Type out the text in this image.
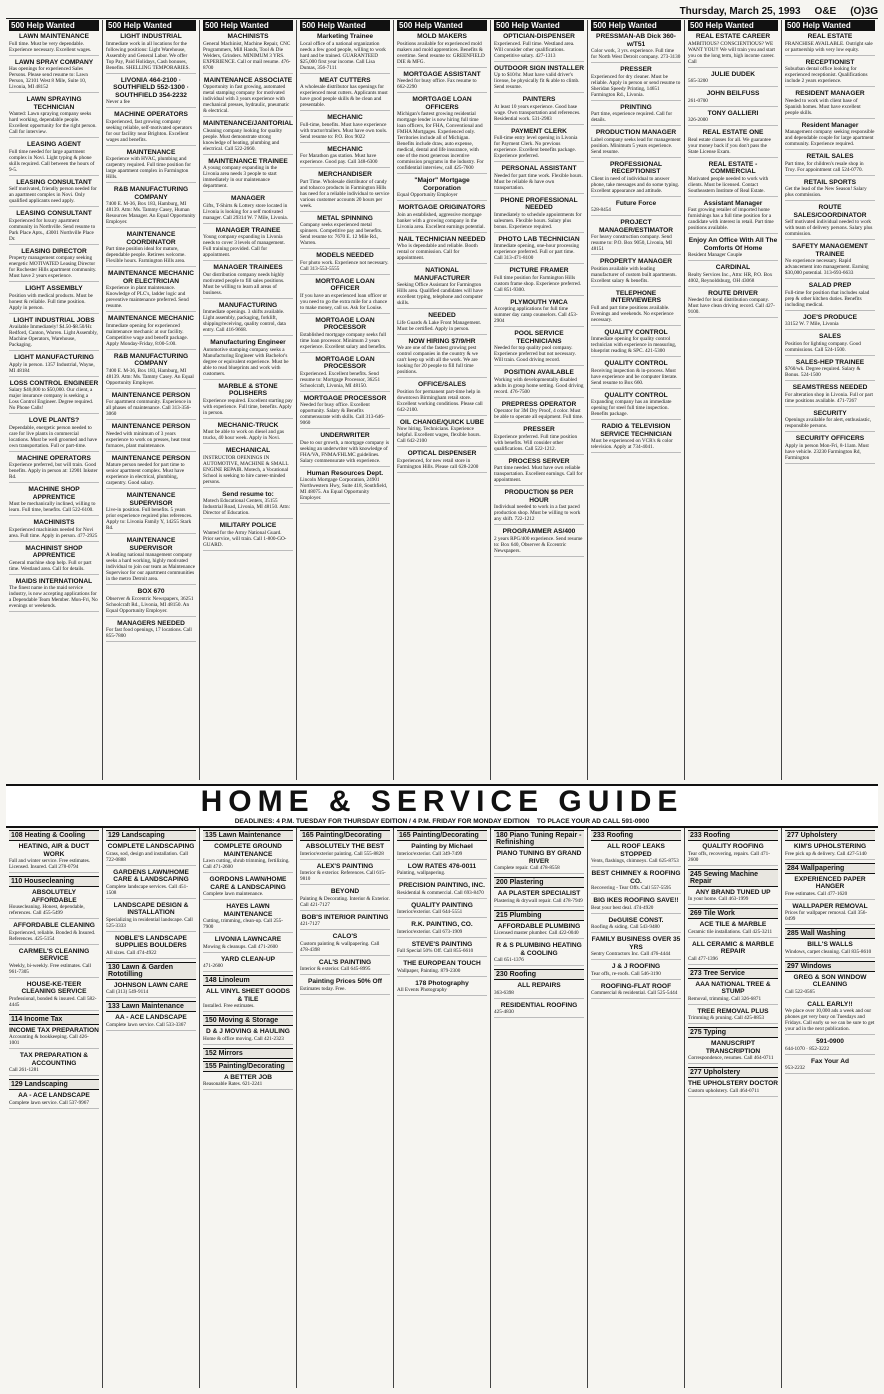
Thursday, March 25, 1993 O&E (O)3G
500 Help Wanted
LAWN MAINTENANCE
Full time. Must be very dependable. Experience necessary. Excellent wages.
LAWN SPRAY COMPANY
Has openings for experienced Sales Persons. Please send resume to: Lawn Person, 32101 West 8 Mile, Suite 10, Livonia, MI 48152
LAWN SPRAYING TECHNICIAN
Wanted: Lawn spraying company seeks hard working, dependable people. Excellent opportunity for the right person. Call for interview.
LEASING AGENT
Full time needed for large apartment complex in Novi. Light typing & phone skills required. Call between the hours of 9-5.
LEASING CONSULTANT
Self motivated, friendly person needed for an apartment complex in Novi. Only qualified applicants need apply.
LEASING CONSULTANT
Experienced for luxury apartment community in Northville. Send resume to Park Place Apts., 43001 Northville Place Dr.
LEASING DIRECTOR
Property management company seeking energetic MOTIVATED Leasing Director for Rochester Hills apartment community. Must have 2 years experience.
LIGHT ASSEMBLY
Position with medical products. Must be honest & reliable. Full time position. Apply in person.
LIGHT INDUSTRIAL JOBS
Available Immediately! $4.50-$8.50/Hr. Redford, Canton, Warren. Light Assembly, Machine Operators, Warehouse, Packaging.
LIGHT MANUFACTURING
Apply in person. 1357 Industrial, Wayne, MI 48184
LOSS CONTROL ENGINEER
Salary $40,000 to $50,000. Our client, a major insurance company is seeking a Loss Control Engineer. Degree required. No Phone Calls!
LOVE PLANTS?
Dependable, energetic person needed to care for live plants in commercial locations. Must be well groomed and have own transportation. Full or part-time.
MACHINE OPERATORS
Experience preferred, but will train. Good benefits. Apply in person at: 12901 Inkster Rd.
MACHINE SHOP APPRENTICE
Must be mechanically inclined, willing to learn. Full time, benefits. Call 522-6100.
MACHINISTS
Experienced machinists needed for Novi area. Full time. Apply in person. 477-2925
MACHINIST SHOP APPRENTICE
General machine shop help. Full or part time. Westland area. Call for details.
MAIDS INTERNATIONAL
The finest name in the maid service industry, is now accepting applications for a Dependable Team Member. Mon-Fri, No evenings or weekends.
500 Help Wanted
LIGHT INDUSTRIAL
Immediate work in all locations for the following positions: Light Warehouse, Assembly and General Labor. We offer Top Pay, Paid Holidays, Cash bonuses, Benefits. SHELLING TEMPORARIES.
LIVONIA 464-2100 · SOUTHFIELD 552-1300 · SOUTHFIELD 354-2232
Never a fee
MACHINE OPERATORS
Experienced, fast growing company seeking reliable, self-motivated operators for our facility near Brighton. Excellent wages and benefits.
MAINTENANCE
Experience with HVAC, plumbing and carpentry required. Full time position for large apartment complex in Farmington Hills.
R&B MANUFACTURING COMPANY
7400 E. M-36, Box 183, Hamburg, MI 48139. Attn: Ms. Tammy Casey, Human Resources Manager. An Equal Opportunity Employer.
MAINTENANCE COORDINATOR
Part time position ideal for mature, dependable people. Retirees welcome. Flexible hours. Farmington Hills area.
MAINTENANCE MECHANIC OR ELECTRICIAN
Experience in plant maintenance. Knowledge of PLC's, ladder logic and preventive maintenance preferred. Send resume.
MAINTENANCE MECHANIC
Immediate opening for experienced maintenance mechanic at our facility. Competitive wage and benefit package. Apply Monday-Friday, 8:00-5:00.
R&B MANUFACTURING COMPANY
7400 E. M-36, Box 183, Hamburg, MI 48139. Attn: Ms. Tammy Casey. An Equal Opportunity Employer.
MAINTENANCE PERSON
For apartment community. Experience in all phases of maintenance. Call 313-356-3060
MAINTENANCE PERSON
Needed with minimum of 3 years experience to work on presses, heat treat furnaces, plant maintenance.
MAINTENANCE PERSON
Mature person needed for part time to senior apartment complex. Must have experience in electrical, plumbing, carpentry. Good salary.
MAINTENANCE SUPERVISOR
Live-in position. Full benefits. 5 years prior experience required plus references. Apply to: Livonia Family Y, 14255 Stark Rd.
MAINTENANCE SUPERVISOR
A leading national management company seeks a hard working, highly motivated individual to join our team as Maintenance Supervisor for our apartment communities in the metro Detroit area.
BOX 670
Observer & Eccentric Newspapers, 36251 Schoolcraft Rd., Livonia, MI 48150. An Equal Opportunity Employer.
MANAGERS NEEDED
For fast food openings, 17 locations. Call 855-7800
500 Help Wanted
MACHINISTS
General Machinist, Machine Repair, CNC Programmers, Mill Hands, Tool & Die Welders, Grinders. MINIMUM 3 YRS. EXPERIENCE. Call or mail resume. 476-8700
MAINTENANCE ASSOCIATE
Opportunity in fast growing, automated metal stamping company for motivated individual with 3 years experience with mechanical presses, hydraulic, pneumatic & electrical.
MAINTENANCE/JANITORIAL
Cleaning company looking for quality people. Must demonstrate strong knowledge of heating, plumbing and electrical. Call 522-2660.
MAINTENANCE TRAINEE
A young company expanding in the Livonia area needs 3 people to start immediately in our maintenance department.
MANAGER
Gifts, T-Shirts & Lottery store located in Livonia is looking for a self motivated manager. Call 29314 W. 7 Mile, Livonia.
MANAGER TRAINEE
Young company expanding in Livonia needs to cover 3 levels of management. Full training provided. Call for appointment.
MANAGER TRAINEES
Our distribution company needs highly motivated people to fill sales positions. Must be willing to learn all areas of business.
MANUFACTURING
Immediate openings. 3 shifts available. Light assembly, packaging, forklift, shipping/receiving, quality control, data entry. Call 416-9668.
Manufacturing Engineer
Automotive stamping company seeks a Manufacturing Engineer with Bachelor's degree or equivalent experience. Must be able to read blueprints and work with customers.
MARBLE & STONE POLISHERS
Experience required. Excellent starting pay with experience. Full time, benefits. Apply in person.
MECHANIC-TRUCK
Must be able to work on diesel and gas trucks, 40 hour week. Apply in Novi.
MECHANICAL
INSTRUCTOR OPENINGS IN AUTOMOTIVE, MACHINE & SMALL ENGINE REPAIR. Motech, a Vocational School is seeking to hire career-minded persons.
Send resume to:
Motech Educational Centers, 35155 Industrial Road, Livonia, MI 48150. Attn: Director of Education.
MILITARY POLICE
Wanted for the Army National Guard. Prior service, will train. Call 1-800-GO-GUARD.
500 Help Wanted
Marketing Trainee
Local office of a national organization needs a few good people, willing to work hard and be trained. GUARANTEED $25,000 first year income. Call Lisa Dumas, 356-7111
MEAT CUTTERS
A wholesale distributor has openings for experienced meat cutters. Applicants must have good people skills & be clean and presentable.
MECHANIC
Full-time, benefits. Must have experience with tractor/trailers. Must have own tools. Send resume to: P.O. Box 9022
MECHANIC
For Marathon gas station. Must have experience. Good pay. Call 348-6300
MERCHANDISER
Part Time. Wholesale distributor of candy and tobacco products in Farmington Hills has need for a reliable individual to service various customer accounts 20 hours per week.
METAL SPINNING
Company seeks experienced metal spinners. Competitive pay and benefits. Send resume to: 7670 E. 12 Mile Rd., Warren.
MODELS NEEDED
For photo work. Experience not necessary. Call 313-553-5555
MORTGAGE LOAN OFFICER
If you have an experienced loan officer or you need to go the extra mile for a chance to make money, call us. Ask for Louise.
MORTGAGE LOAN PROCESSOR
Established mortgage company seeks full time loan processor. Minimum 2 years experience. Excellent salary and benefits.
MORTGAGE LOAN PROCESSOR
Experienced. Excellent benefits. Send resume to: Mortgage Processor, 36251 Schoolcraft, Livonia, MI 48150.
MORTGAGE PROCESSOR
Needed for busy office. Excellent opportunity. Salary & Benefits commensurate with skills. Call 313-646-9060
UNDERWRITER
Due to our growth, a mortgage company is seeking an underwriter with knowledge of FHA/VA, FNMA/FHLMC guidelines. Salary commensurate with experience.
Human Resources Dept.
Lincoln Mortgage Corporation, 24901 Northwestern Hwy, Suite 418, Southfield, MI 48075. An Equal Opportunity Employer.
500 Help Wanted
MOLD MAKERS
Positions available for experienced mold makers and mold apprentices. Benefits & overtime. Send resume to: GREENFIELD DIE & MFG.
MORTGAGE ASSISTANT
Needed for busy office. Fax resume to 662-2290
MORTGAGE LOAN OFFICERS
Michigan's fastest growing residential mortgage lender is now hiring full time loan officers, for FHA, Conventional and FMHA Mortgages. Experienced only. Territories include all of Michigan. Benefits include draw, auto expense, medical, dental and life insurance, with one of the most generous incentive commission programs in the industry. For confidential interview, call 425-7600
"Major" Mortgage Corporation
Equal Opportunity Employer
MORTGAGE ORIGINATORS
Join an established, aggressive mortgage banker with a growing company in the Livonia area. Excellent earnings potential.
NAIL TECHNICIAN NEEDED
Who is dependable and reliable. Booth rental or commission. Call for appointment.
NATIONAL MANUFACTURER
Seeking Office Assistant for Farmington Hills area. Qualified candidates will have excellent typing, telephone and computer skills.
NEEDED
Life Guards & Lake Front Management. Must be certified. Apply in person.
NOW HIRING $7/9/HR
We are one of the fastest growing pest control companies in the country & we can't keep up with all the work. We are looking for 20 people to fill full time positions.
OFFICE/SALES
Position for permanent part-time help in downtown Birmingham retail store. Excellent working conditions. Please call 642-2100.
OIL CHANGE/QUICK LUBE
Now hiring. Technicians. Experience helpful. Excellent wages, flexible hours. Call 642-2100
OPTICAL DISPENSER
Experienced, for new retail store in Farmington Hills. Please call 628-2200
500 Help Wanted
OPTICIAN-DISPENSER
Experienced. Full time. Westland area. Will consider other qualifications. Competitive salary. 427-1313
OUTDOOR SIGN INSTALLER
Up to $10/hr. Must have valid driver's license, be physically fit & able to climb. Send resume.
PAINTERS
At least 10 years experience. Good base wage. Own transportation and references. Residential work. 531-2983
PAYMENT CLERK
Full-time entry level opening in Livonia for Payment Clerk. No previous experience. Excellent benefits package. Experience preferred.
PERSONAL ASSISTANT
Needed for part time work. Flexible hours. Must be reliable & have own transportation.
PHONE PROFESSIONAL NEEDED
Immediately to schedule appointments for salesmen. Flexible hours. Salary plus bonus. Experience required.
PHOTO LAB TECHNICIAN
Immediate opening, one-hour processing experience preferred. Full or part time. Call 313-471-8100
PICTURE FRAMER
Full time position for Farmington Hills custom frame shop. Experience preferred. Call 851-9300.
PLYMOUTH YMCA
Accepting applications for full time summer day camp counselors. Call 453-2904
POOL SERVICE TECHNICIANS
Needed for top quality pool company. Experience preferred but not necessary. Will train. Good driving record.
POSITION AVAILABLE
Working with developmentally disabled adults in group home setting. Good driving record. 476-7500
PREPRESS OPERATOR
Operator for 3M Dry Proof, 4 color. Must be able to operate all equipment. Full time.
PRESSER
Experience preferred. Full time position with benefits. Will consider other qualifications. Call 522-1212.
PROCESS SERVER
Part time needed. Must have own reliable transportation. Excellent earnings. Call for appointment.
PRODUCTION $6 PER HOUR
Individual needed to work in a fast paced production shop. Must be willing to work any shift. 722-1212
PROGRAMMER AS/400
2 years RPG/400 experience. Send resume to: Box 640, Observer & Eccentric Newspapers.
500 Help Wanted
PRESSMAN-AB Dick 360-w/T51
Color work, 3 yrs. experience. Full time for North West Detroit company. 273-3130
PRESSER
Experienced for dry cleaner. Must be reliable. Apply in person or send resume to Sheridan Speedy Printing, 14651 Farmington Rd., Livonia.
PRINTING
Part time, experience required. Call for details.
PRODUCTION MANAGER
Label company seeks lead for management position. Minimum 5 years experience. Send resume.
PROFESSIONAL RECEPTIONIST
Client in need of individual to answer phone, take messages and do some typing. Excellent appearance and attitude.
Future Force
528-8454
PROJECT MANAGER/ESTIMATOR
For heavy construction company. Send resume to: P.O. Box 9050, Livonia, MI 48151
PROPERTY MANAGER
Position available with leading manufacturer of custom built apartments. Excellent salary & benefits.
TELEPHONE INTERVIEWERS
Full and part time positions available. Evenings and weekends. No experience necessary.
QUALITY CONTROL
Immediate opening for quality control technician with experience in measuring, blueprint reading & SPC. 421-5300
QUALITY CONTROL
Receiving inspection & in-process. Must have experience and be computer literate. Send resume to Box 660.
QUALITY CONTROL
Expanding company has an immediate opening for steel full time inspection. Benefits package.
RADIO & TELEVISION SERVICE TECHNICIAN
Must be experienced on VCR's & color television. Apply at 734-4041.
500 Help Wanted
REAL ESTATE CAREER
AMBITIOUS? CONSCIENTIOUS? WE WANT YOU!! We will train you and start you on the long term, high income career. Call
JULIE DUDEK
565-3200
JOHN BEILFUSS
261-0700
TONY GALLIERI
326-2000
REAL ESTATE ONE
Real estate classes for all. We guarantee your money back if you don't pass the State License Exam.
REAL ESTATE - COMMERCIAL
Motivated people needed to work with clients. Must be licensed. Contact Southeastern Institute of Real Estate.
Assistant Manager
Fast growing retailer of imported home furnishings has a full time position for a candidate with interest in retail. Part time positions available.
Enjoy An Office With All The Comforts Of Home
Resident Manager Couple
CARDINAL
Realty Services Inc., Attn: HR, P.O. Box 4002, Reynoldsburg, OH 43068
ROUTE DRIVER
Needed for local distribution company. Must have clean driving record. Call 427-9100.
500 Help Wanted
REAL ESTATE
FRANCHISE AVAILABLE. Outright sale or partnership with very low equity.
RECEPTIONIST
Suburban dental office looking for experienced receptionist. Qualifications include 2 years experience.
RESIDENT MANAGER
Needed to work with client base of Spanish homes. Must have excellent people skills.
Resident Manager
Management company seeking responsible and dependable couple for large apartment community. Experience required.
RETAIL SALES
Part time, for children's resale shop in Troy. For appointment call 524-0770.
RETAIL SPORTS
Get the lead of the New Season! Salary plus commission.
ROUTE SALES/COORDINATOR
Self motivated individual needed to work with team of delivery persons. Salary plus commission.
SAFETY MANAGEMENT TRAINEE
No experience necessary. Rapid advancement into management. Earning $30,000 potential. 313-693-6633
SALAD PREP
Full-time for position that includes salad prep & other kitchen duties. Benefits including medical.
JOE'S PRODUCE
33152 W. 7 Mile, Livonia
SALES
Position for lighting company. Good commissions. Call 524-1500.
SALES-HEP TRAINEE
$760/wk. Degree required. Salary & Bonus. 524-1500
SEAMSTRESS NEEDED
For alteration shop in Livonia. Full or part time positions available. 471-7267
SECURITY
Openings available for alert, enthusiastic, responsible persons.
SECURITY OFFICERS
Apply in person Mon-Fri, 8-11am. Must have vehicle. 23230 Farmington Rd, Farmington
HOME & SERVICE GUIDE
DEADLINES: 4 P.M. TUESDAY FOR THURSDAY EDITION / 4 P.M. FRIDAY FOR MONDAY EDITION TO PLACE YOUR AD CALL 591-0900
108 Heating & Cooling
HEATING, AIR & DUCT WORK
Fall and winter service. Free estimates. Licensed. Insured. Call 278-0794
110 Housecleaning
ABSOLUTELY AFFORDABLE
Housecleaning. Honest, dependable, references. Call 455-5499
AFFORDABLE CLEANING
Experienced, reliable. Bonded & Insured. References. 425-5154
CARMEL'S CLEANING SERVICE
Weekly, bi-weekly. Free estimates. Call 961-7305
HOUSE-KE-TEER CLEANING SERVICE
Professional, bonded & insured. Call 582-4445
114 Income Tax
INCOME TAX PREPARATION
Accounting & bookkeeping. Call 426-1001
TAX PREPARATION & ACCOUNTING
Call 261-1281
129 Landscaping
AA - ACE LANDSCAPE
Complete lawn service. Call 537-9967
129 Landscaping
COMPLETE LANDSCAPING
Grass, sod, design and installation. Call 722-0888
GARDENS LAWN/HOME CARE & LANDSCAPING
Complete landscape services. Call 451-1508
LANDSCAPE DESIGN & INSTALLATION
Specializing in residential landscape. Call 525-3333
NOBLE'S LANDSCAPE SUPPLIES BOULDERS
All sizes. Call 474-4922
130 Lawn & Garden Rototilling
JOHNSON LAWN CARE
Call (313) 549-9114
133 Lawn Maintenance
AA - ACE LANDSCAPE
Complete lawn service. Call 533-3367
135 Lawn Maintenance
COMPLETE GROUND MAINTENANCE
Lawn cutting, shrub trimming, fertilizing. Call 471-2600
GORDONS LAWN/HOME CARE & LANDSCAPING
Complete lawn maintenance.
HAYES LAWN MAINTENANCE
Cutting, trimming, clean-up. Call 255-7900
LIVONIA LAWNCARE
Mowing & cleanups. Call 471-2600
YARD CLEAN-UP
471-2600
148 Linoleum
ALL VINYL SHEET GOODS & TILE
Installed. Free estimates.
150 Moving & Storage
D & J MOVING & HAULING
Home & office moving. Call 421-2323
152 Mirrors
155 Painting/Decorating
A BETTER JOB
Reasonable Rates. 621-2241
165 Painting/Decorating
ABSOLUTELY THE BEST
Interior/exterior painting. Call 555-8828
ALEX'S PAINTING
Interior & exterior. References. Call 615-9810
BEYOND
Painting & Decorating. Interior & Exterior. Call 421-7127
BOB'S INTERIOR PAINTING
421-7127
CALO'S
Custom painting & wallpapering. Call 478-4398
CAL'S PAINTING
Interior & exterior. Call 645-8995
Painting Prices 50% Off
Estimates today. Free.
165 Painting/Decorating
Painting by Michael
Interior/exterior. Call 349-7499
LOW RATES 476-0011
Painting, wallpapering.
PRECISION PAINTING, INC.
Residential & commercial. Call 693-8470
QUALITY PAINTING
Interior/exterior. Call 644-5551
R.K. PAINTING, CO.
Interior/exterior. Call 673-1909
STEVE'S PAINTING
Fall Special 50% Off. Call 855-6610
THE EUROPEAN TOUCH
Wallpaper, Painting. 879-2300
178 Photography
All Events Photography
180 Piano Tuning Repair - Refinishing
PIANO TUNING BY GRAND RIVER
Complete repair. Call 478-8558
200 Plastering
AA PLASTER SPECIALIST
Plastering & drywall repair. Call 478-7949
215 Plumbing
AFFORDABLE PLUMBING
Licensed master plumber. Call 422-0040
R & S PLUMBING HEATING & COOLING
Call 651-1376
230 Roofing
ALL REPAIRS
363-6398
RESIDENTIAL ROOFING
425-4830
233 Roofing
ALL ROOF LEAKS STOPPED
Vents, flashings, chimneys. Call 625-8753
BEST CHIMNEY & ROOFING CO.
Recovering - Tear Offs. Call 557-5595
BIG IKES ROOFING SAVE!!
Beat your best deal. 474-4920
DeGUISE CONST.
Roofing & siding. Call 543-9480
FAMILY BUSINESS OVER 35 YRS
Sentry Contractors Inc. Call 476-4444
J & J ROOFING
Tear offs, re-roofs. Call 546-3190
ROOFING-FLAT ROOF
Commercial & residential. Call 525-5444
233 Roofing
QUALITY ROOFING
Tear offs, recovering, repairs. Call 471-2600
245 Sewing Machine Repair
ANY BRAND TUNED UP
In your home. Call 463-1999
269 Tile Work
ACE TILE & MARBLE
Ceramic tile installations. Call 425-3211
ALL CERAMIC & MARBLE REPAIR
Call 477-1396
273 Tree Service
AAA NATIONAL TREE & STUMP
Removal, trimming. Call 326-6871
TREE REMOVAL PLUS
Trimming & pruning. Call 425-8853
275 Typing
MANUSCRIPT TRANSCRIPTION
Correspondence, resumes. Call 464-0711
277 Upholstery
THE UPHOLSTERY DOCTOR
Custom upholstery. Call 464-0711
277 Upholstery
KIM'S UPHOLSTERING
Free pick up & delivery. Call 427-5140
284 Wallpapering
EXPERIENCED PAPER HANGER
Free estimates. Call 477-1620
WALLPAPER REMOVAL
Prices for wallpaper removal. Call 356-0499
285 Wall Washing
BILL'S WALLS
Windows, carpet cleaning. Call 835-8610
297 Windows
GREG & SON WINDOW CLEANING
Call 522-0565
CALL EARLY!!
We place over 10,000 ads a week and our phones get very busy on Tuesdays and Fridays. Call early so we can be sure to get your ad in the next publication.
591-0900
644-1070 · 852-3222
Fax Your Ad
953-2232
